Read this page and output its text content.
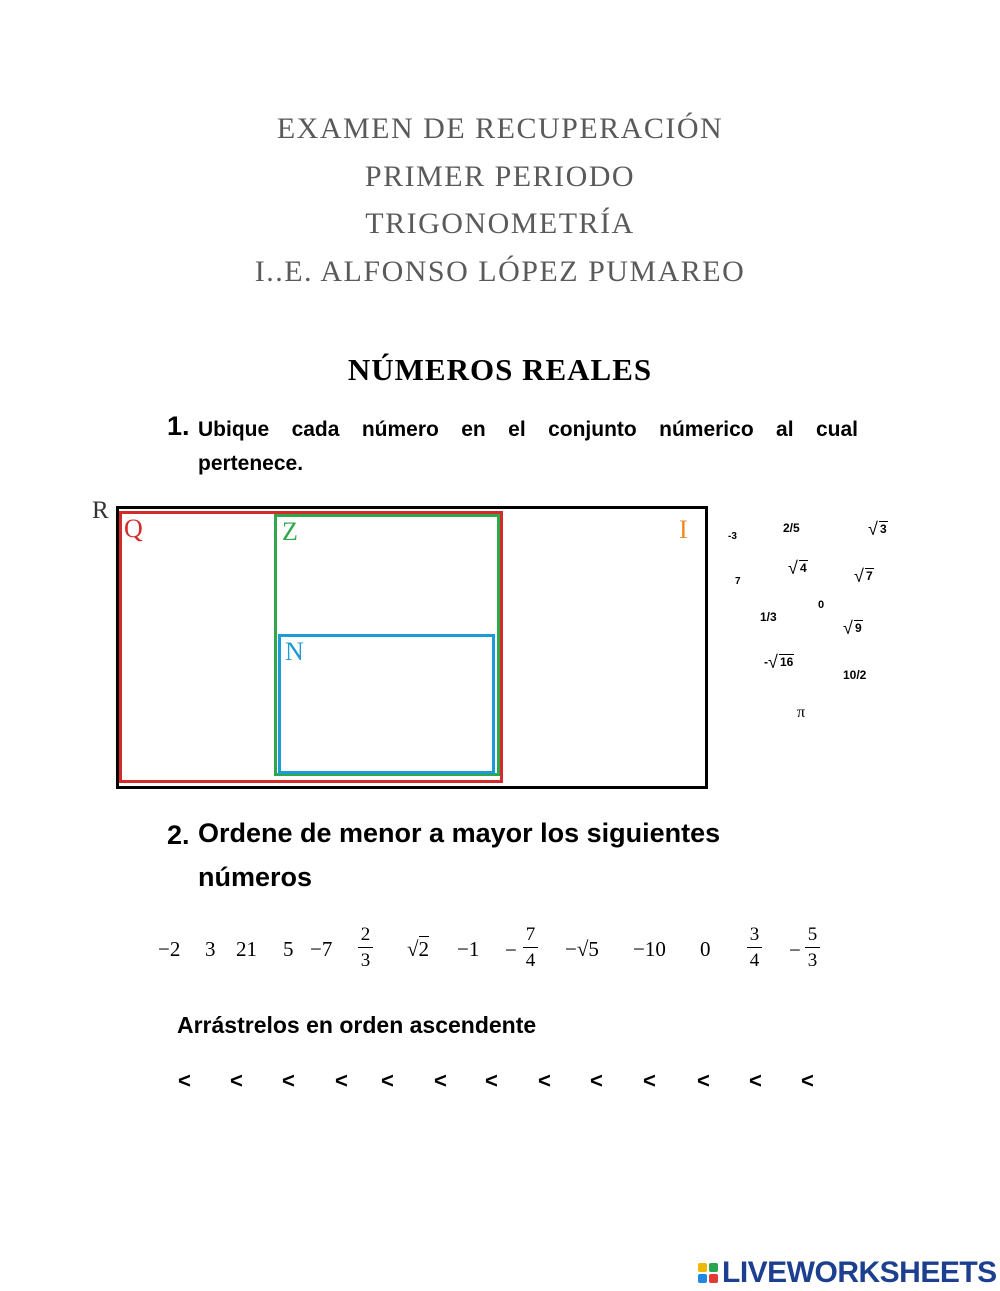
EXAMEN DE RECUPERACIÓN
PRIMER PERIODO
TRIGONOMETRÍA
I..E. ALFONSO LÓPEZ PUMAREO
NÚMEROS REALES
1. Ubique cada número en el conjunto númerico al cual
pertenece.
R
Q	Z
N
I	-3
2/5	√ 3
√ 4
7	√ 7
0
1/3
√ 9
- √ 16
10/2
π
2. Ordene de menor a mayor los siguientes
números
−2 3 21 5 −7
2
3 √2 −1 −
7
4 −√5 −10 0
3
4 −
5
3
Arrástrelos en orden ascendente
< < < < < < < < < < < < <
LIVEWORKSHEETS
